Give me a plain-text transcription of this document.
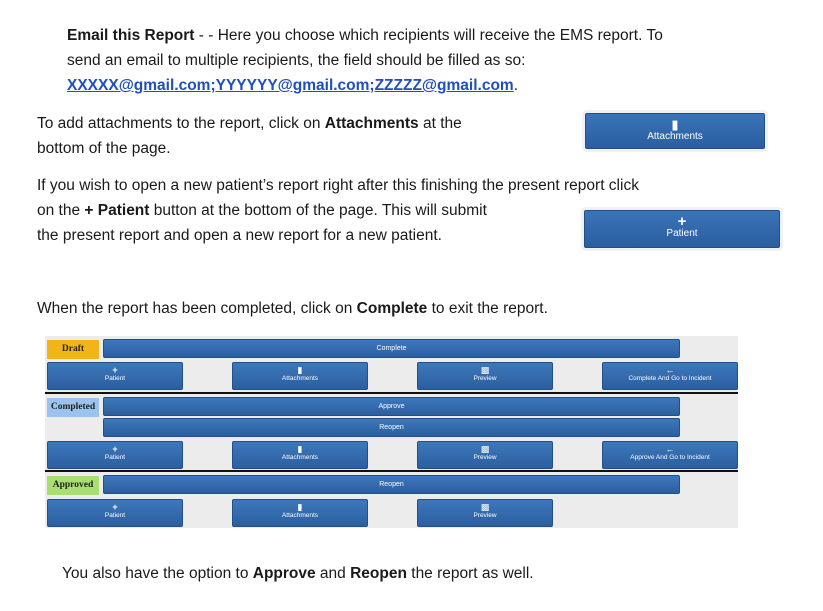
Email this Report - - Here you choose which recipients will receive the EMS report. To
send an email to multiple recipients, the field should be filled as so:
XXXXX@gmail.com;YYYYYY@gmail.com;ZZZZZ@gmail.com.
To add attachments to the report, click on Attachments at the
bottom of the page.
▮
Attachments
If you wish to open a new patient’s report right after this finishing the present report click
on the + Patient button at the bottom of the page. This will submit
the present report and open a new report for a new patient.
+
Patient
When the report has been completed, click on Complete to exit the report.
Draft	Complete
+
Patient
▮
Attachments
▩
Preview
←
Complete And Go to Incident
Completed	Approve
Reopen
+
Patient
▮
Attachments
▩
Preview
←
Approve And Go to Incident
Approved	Reopen
+
Patient
▮
Attachments
▩
Preview
You also have the option to Approve and Reopen the report as well.
